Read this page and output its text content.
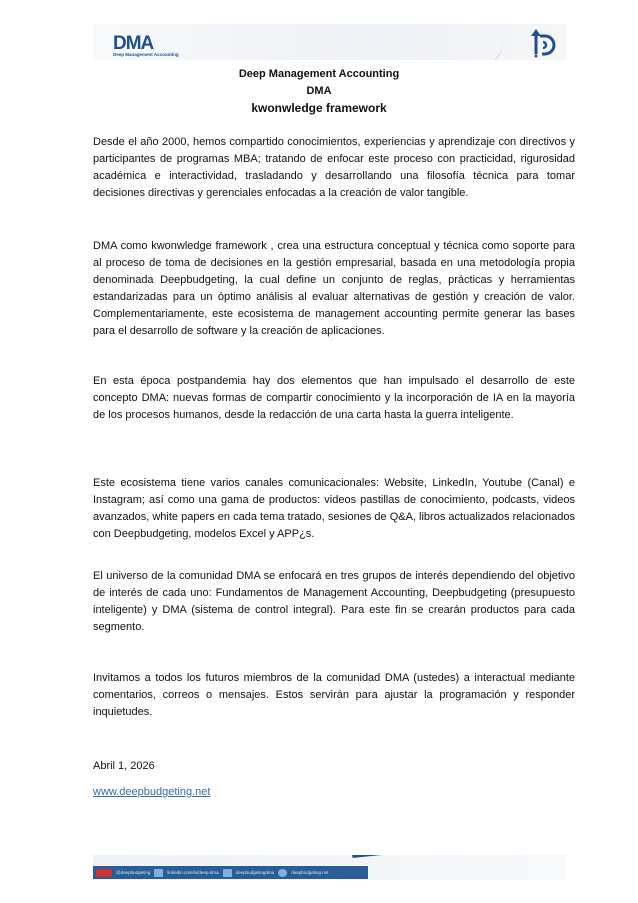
DMA
Deep Management Accounting
Deep Management Accounting
DMA
kwonwledge framework

Desde el año 2000, hemos compartido conocimientos, experiencias y aprendizaje con directivos y participantes de programas MBA; tratando de enfocar este proceso con practicidad, rigurosidad académica e interactividad, trasladando y desarrollando una filosofía técnica para tomar decisiones directivas y gerenciales enfocadas a la creación de valor tangible.

DMA como kwonwledge framework , crea una estructura conceptual y técnica como soporte para al proceso de toma de decisiones en la gestión empresarial, basada en una metodología propia denominada Deepbudgeting, la cual define un conjunto de reglas, prácticas y herramientas estandarizadas para un óptimo análisis al evaluar alternativas de gestión y creación de valor. Complementariamente, este ecosistema de management accounting permite generar las bases para el desarrollo de software y la creación de aplicaciones.

En esta época postpandemia hay dos elementos que han impulsado el desarrollo de este concepto DMA: nuevas formas de compartir conocimiento y la incorporación de IA en la mayoría de los procesos humanos, desde la redacción de una carta hasta la guerra inteligente.

Este ecosistema tiene varios canales comunicacionales: Website, LinkedIn, Youtube (Canal) e Instagram; así como una gama de productos: videos pastillas de conocimiento, podcasts, videos avanzados, white papers en cada tema tratado, sesiones de Q&A, libros actualizados relacionados con Deepbudgeting, modelos Excel y APP¿s.

El universo de la comunidad DMA se enfocará en tres grupos de interés dependiendo del objetivo de interés de cada uno: Fundamentos de Management Accounting, Deepbudgeting (presupuesto inteligente) y DMA (sistema de control integral). Para este fin se crearán productos para cada segmento.

Invitamos a todos los futuros miembros de la comunidad DMA (ustedes) a interactual mediante comentarios, correos o mensajes. Estos servirán para ajustar la programación y responder inquietudes.

Abril 1, 2026
www.deepbudgeting.net
@deepbudgeting	linkedin.com/in/deep-dma	deepbudgetingdma	deepbudgeting.net
